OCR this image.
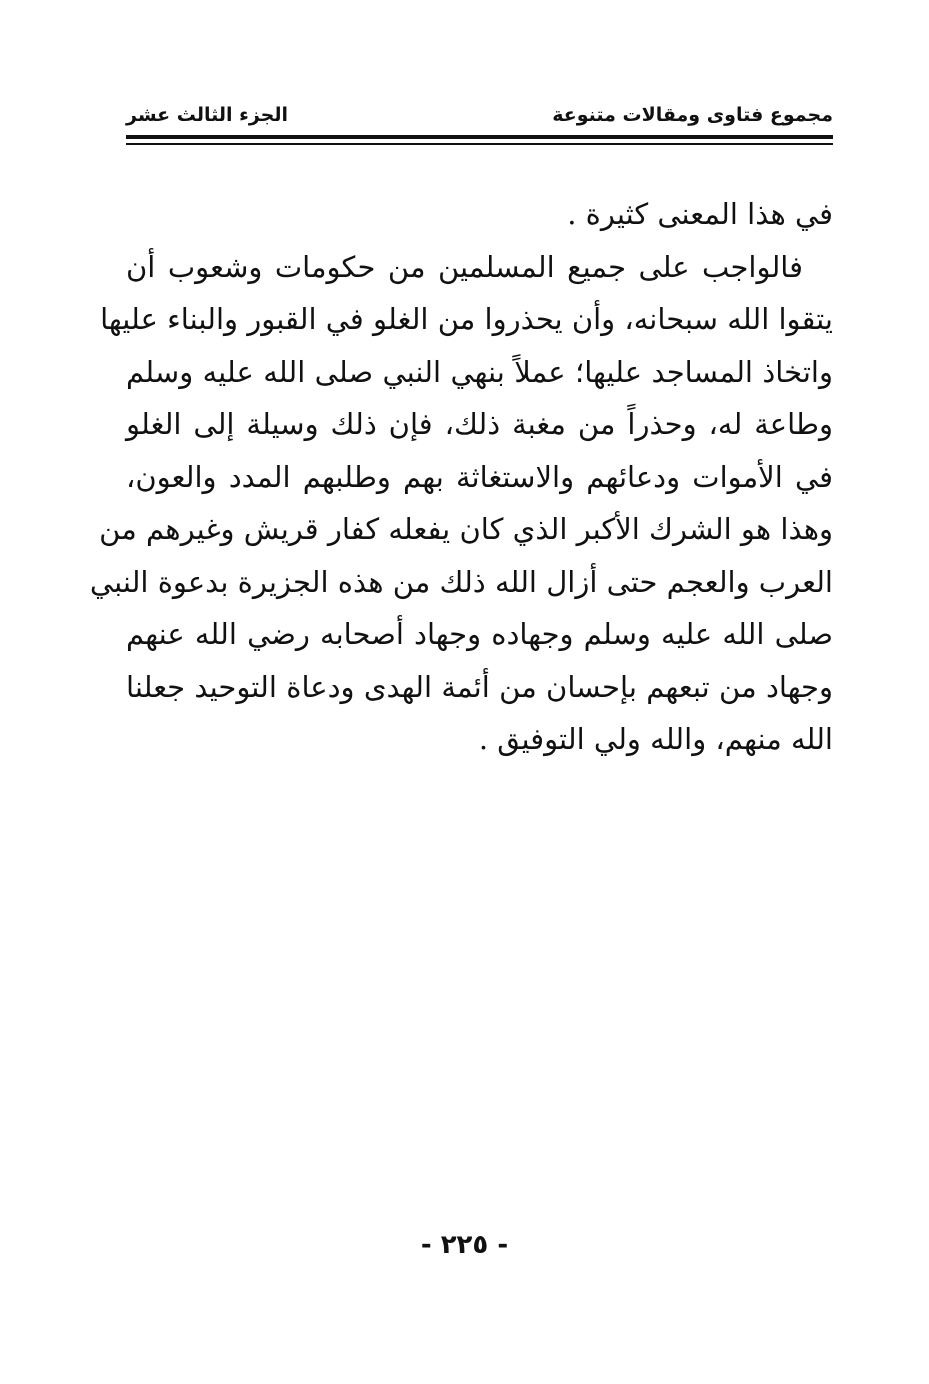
مجموع فتاوى ومقالات متنوعة
الجزء الثالث عشر
في هذا المعنى كثيرة .
فالواجب على جميع المسلمين من حكومات وشعوب أن
يتقوا الله سبحانه، وأن يحذروا من الغلو في القبور والبناء عليها
واتخاذ المساجد عليها؛ عملاً بنهي النبي صلى الله عليه وسلم
وطاعة له، وحذراً من مغبة ذلك، فإن ذلك وسيلة إلى الغلو
في الأموات ودعائهم والاستغاثة بهم وطلبهم المدد والعون،
وهذا هو الشرك الأكبر الذي كان يفعله كفار قريش وغيرهم من
العرب والعجم حتى أزال الله ذلك من هذه الجزيرة بدعوة النبي
صلى الله عليه وسلم وجهاده وجهاد أصحابه رضي الله عنهم
وجهاد من تبعهم بإحسان من أئمة الهدى ودعاة التوحيد جعلنا
الله منهم، والله ولي التوفيق .
- ٢٢٥ -
